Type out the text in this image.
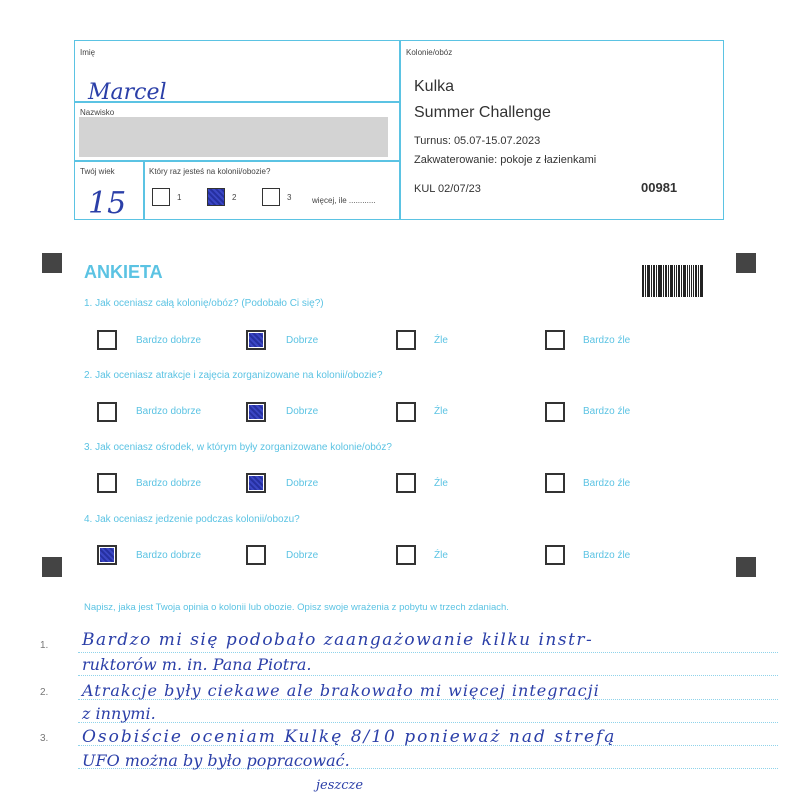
Imię
Marcel
Nazwisko
Twój wiek
15
Który raz jesteś na kolonii/obozie?
1	2	3	więcej, ile ............
Kolonie/obóz
Kulka
Summer Challenge
Turnus: 05.07-15.07.2023
Zakwaterowanie: pokoje z łazienkami
KUL 02/07/23	00981
ANKIETA
1. Jak oceniasz całą kolonię/obóz? (Podobało Ci się?)
Bardzo dobrze	Dobrze	Źle	Bardzo źle
2. Jak oceniasz atrakcje i zajęcia zorganizowane na kolonii/obozie?
Bardzo dobrze	Dobrze	Źle	Bardzo źle
3. Jak oceniasz ośrodek, w którym były zorganizowane kolonie/obóz?
Bardzo dobrze	Dobrze	Źle	Bardzo źle
4. Jak oceniasz jedzenie podczas kolonii/obozu?
Bardzo dobrze	Dobrze	Źle	Bardzo źle
Napisz, jaka jest Twoja opinia o kolonii lub obozie. Opisz swoje wrażenia z pobytu w trzech zdaniach.
1.
2.
3.
Bardzo mi się podobało zaangażowanie kilku instr-
ruktorów m. in. Pana Piotra.
Atrakcje były ciekawe ale brakowało mi więcej integracji
z innymi.
Osobiście oceniam Kulkę 8/10 ponieważ nad strefą
UFO można by było popracować.
jeszcze
